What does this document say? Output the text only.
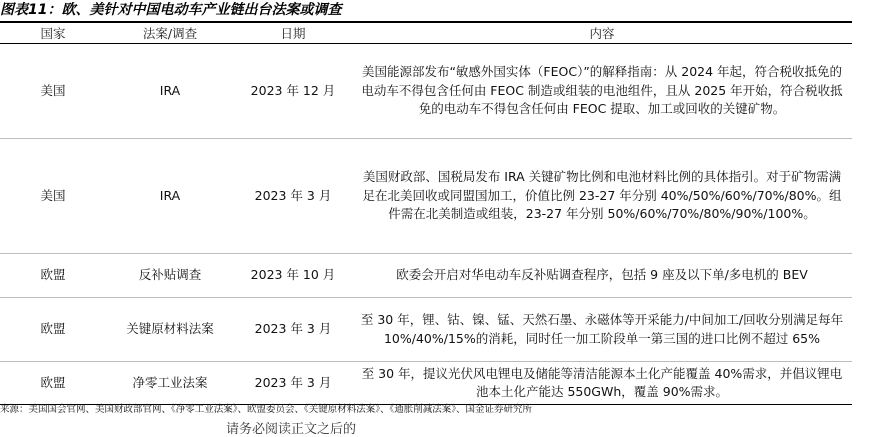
图表11：欧、美针对中国电动车产业链出台法案或调查
国家	法案/调查	日期	内容
美国	IRA	2023 年 12 月	美国能源部发布“敏感外国实体（FEOC）”的解释指南：从 2024 年起，符合税收抵免的电动车不得包含任何由 FEOC 制造或组装的电池组件，且从 2025 年开始，符合税收抵免的电动车不得包含任何由 FEOC 提取、加工或回收的关键矿物。
美国	IRA	2023 年 3 月	美国财政部、国税局发布 IRA 关键矿物比例和电池材料比例的具体指引。对于矿物需满足在北美回收或同盟国加工，价值比例 23-27 年分别 40%/50%/60%/70%/80%。组件需在北美制造或组装，23-27 年分别 50%/60%/70%/80%/90%/100%。
欧盟	反补贴调查	2023 年 10 月	欧委会开启对华电动车反补贴调查程序，包括 9 座及以下单/多电机的 BEV
欧盟	关键原材料法案	2023 年 3 月	至 30 年，锂、钴、镍、锰、天然石墨、永磁体等开采能力/中间加工/回收分别满足每年 10%/40%/15%的消耗，同时任一加工阶段单一第三国的进口比例不超过 65%
欧盟	净零工业法案	2023 年 3 月	至 30 年，提议光伏风电锂电及储能等清洁能源本土化产能覆盖 40%需求，并倡议锂电池本土化产能达 550GWh，覆盖 90%需求。
来源：美国国会官网、美国财政部官网、《净零工业法案》、欧盟委员会、《关键原材料法案》、《通胀削减法案》、国金证券研究所
请务必阅读正文之后的
